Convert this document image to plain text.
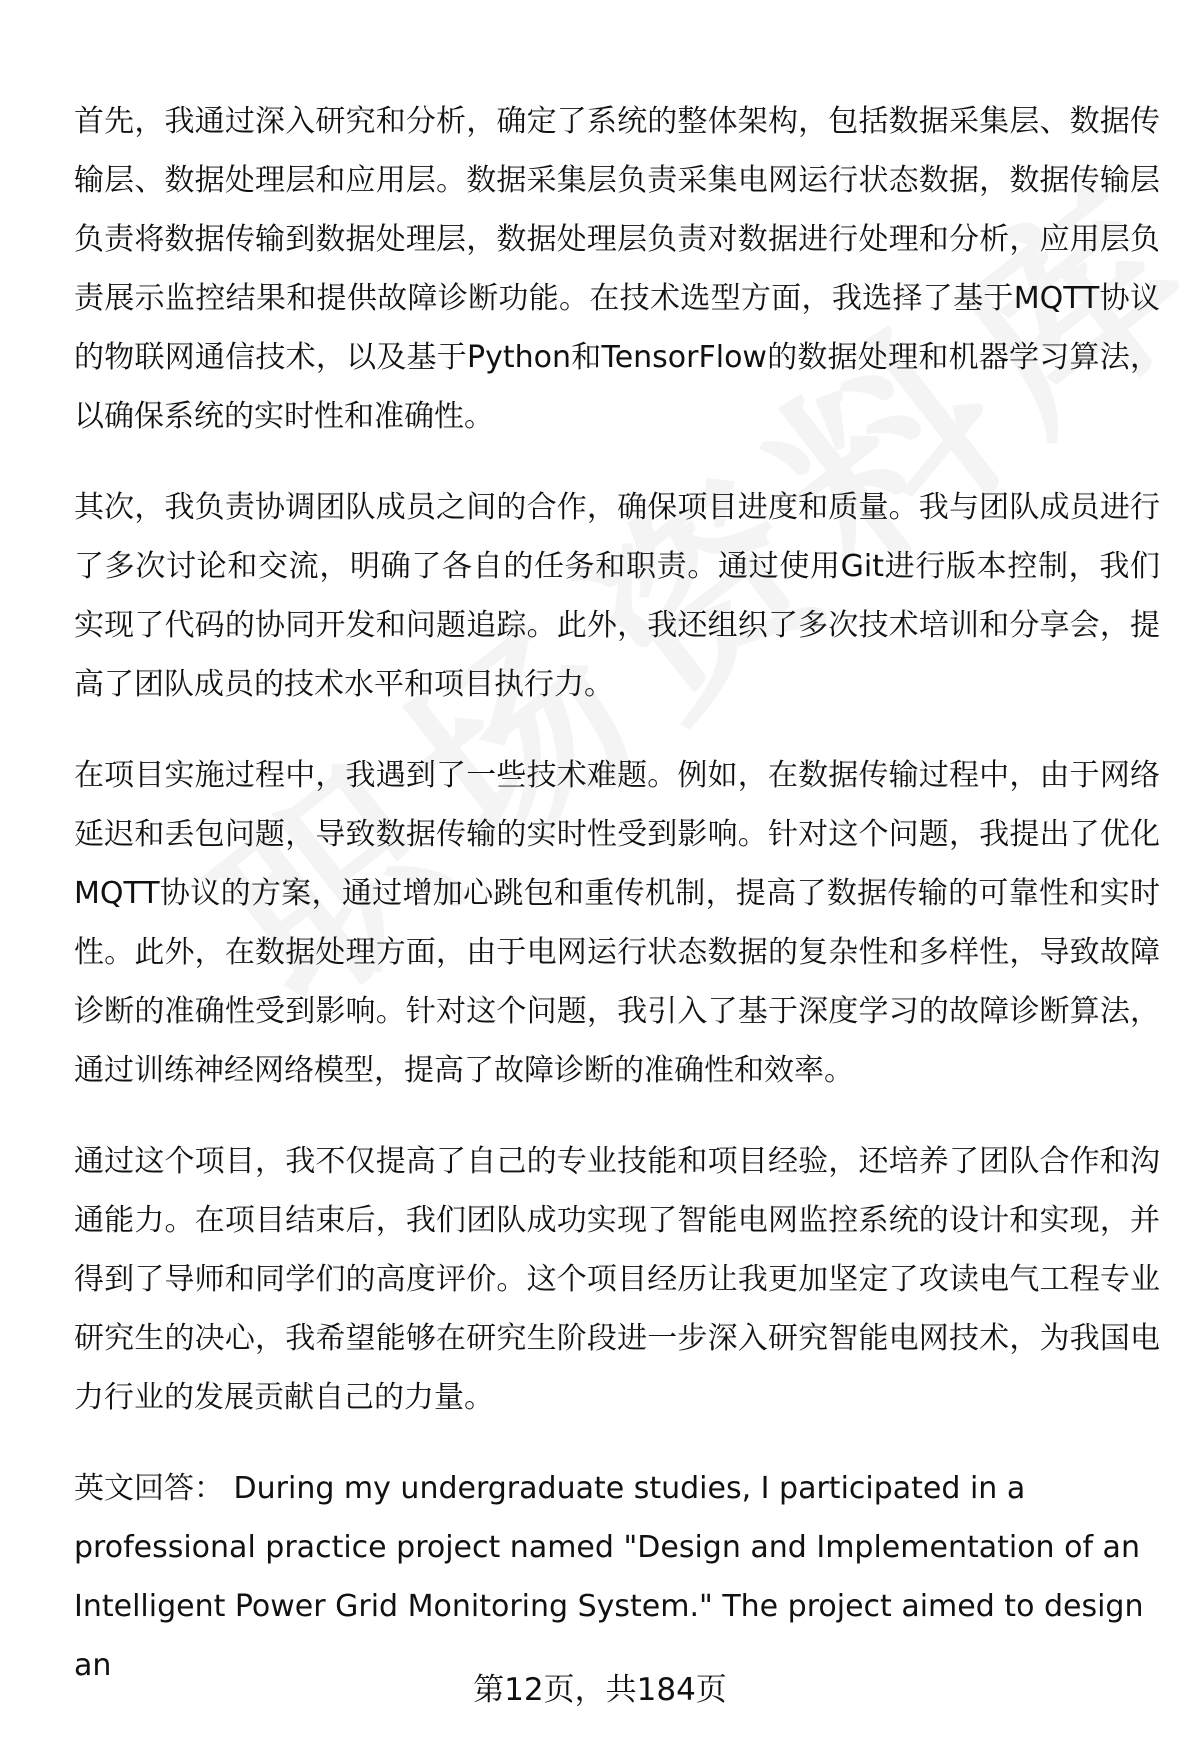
首先，我通过深入研究和分析，确定了系统的整体架构，包括数据采集层、数据传输层、数据处理层和应用层。数据采集层负责采集电网运行状态数据，数据传输层负责将数据传输到数据处理层，数据处理层负责对数据进行处理和分析，应用层负责展示监控结果和提供故障诊断功能。在技术选型方面，我选择了基于MQTT协议的物联网通信技术，以及基于Python和TensorFlow的数据处理和机器学习算法，以确保系统的实时性和准确性。

其次，我负责协调团队成员之间的合作，确保项目进度和质量。我与团队成员进行了多次讨论和交流，明确了各自的任务和职责。通过使用Git进行版本控制，我们实现了代码的协同开发和问题追踪。此外，我还组织了多次技术培训和分享会，提高了团队成员的技术水平和项目执行力。

在项目实施过程中，我遇到了一些技术难题。例如，在数据传输过程中，由于网络延迟和丢包问题，导致数据传输的实时性受到影响。针对这个问题，我提出了优化MQTT协议的方案，通过增加心跳包和重传机制，提高了数据传输的可靠性和实时性。此外，在数据处理方面，由于电网运行状态数据的复杂性和多样性，导致故障诊断的准确性受到影响。针对这个问题，我引入了基于深度学习的故障诊断算法，通过训练神经网络模型，提高了故障诊断的准确性和效率。

通过这个项目，我不仅提高了自己的专业技能和项目经验，还培养了团队合作和沟通能力。在项目结束后，我们团队成功实现了智能电网监控系统的设计和实现，并得到了导师和同学们的高度评价。这个项目经历让我更加坚定了攻读电气工程专业研究生的决心，我希望能够在研究生阶段进一步深入研究智能电网技术，为我国电力行业的发展贡献自己的力量。

英文回答： During my undergraduate studies, I participated in a professional practice project named "Design and Implementation of an Intelligent Power Grid Monitoring System." The project aimed to design an

第12页，共184页
